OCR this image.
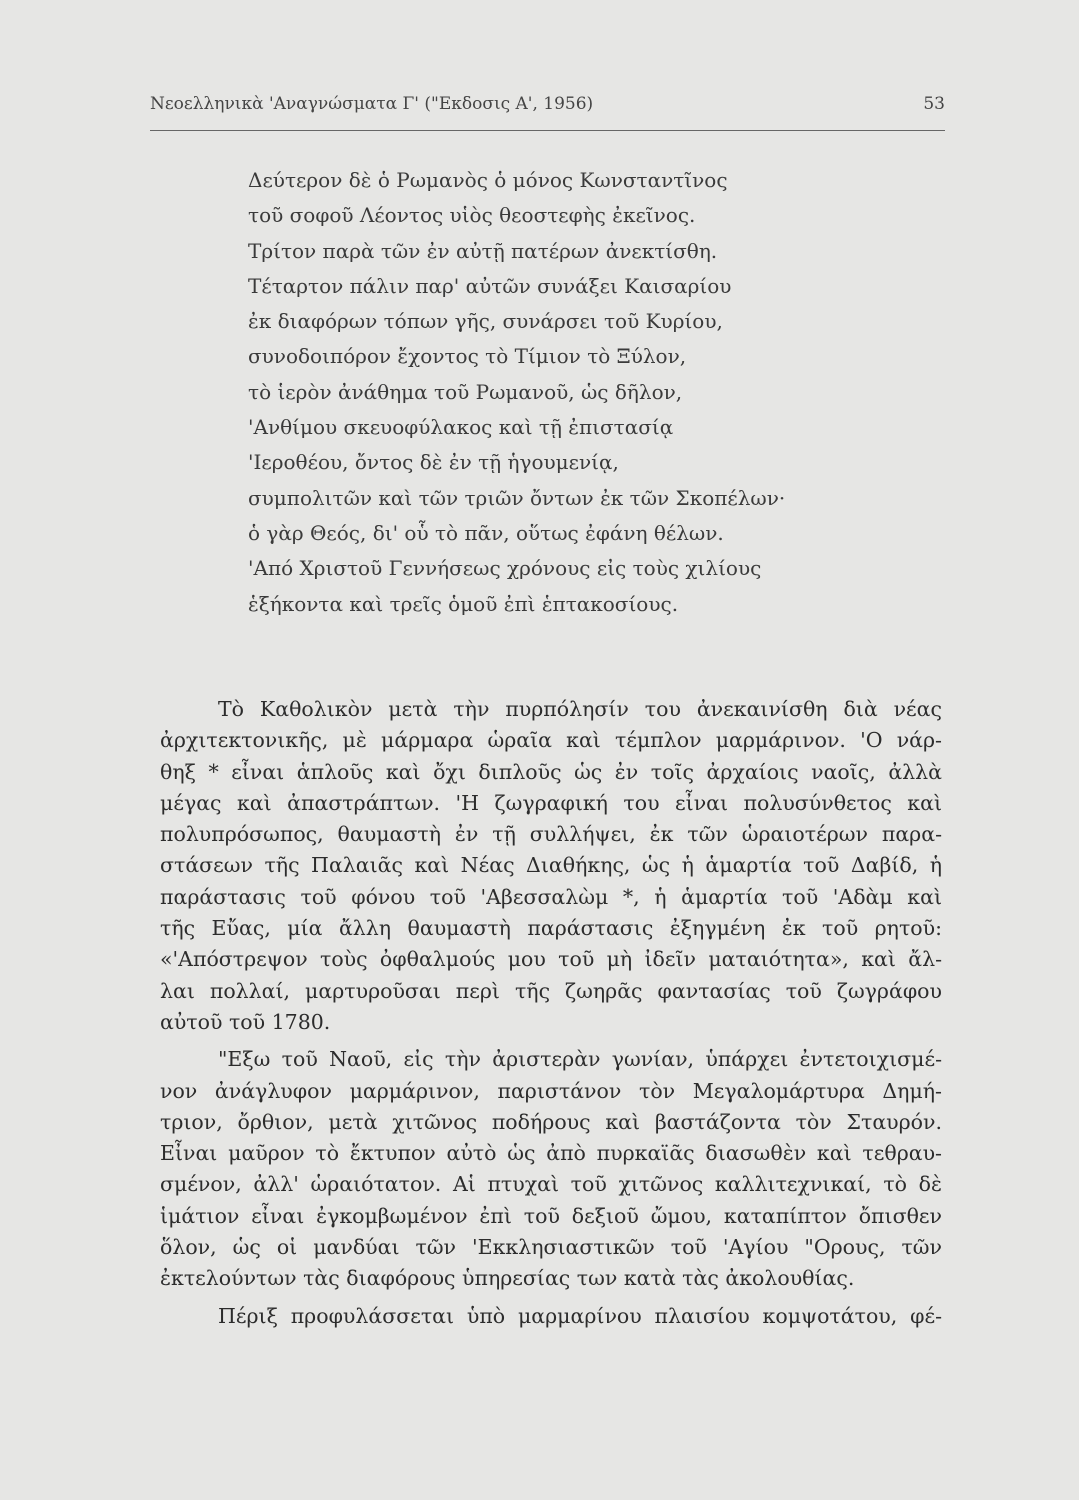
Νεοελληνικὰ 'Αναγνώσματα Γ' ("Εκδοσις Α', 1956)	53
Δεύτερον δὲ ὁ Ρωμανὸς ὁ μόνος Κωνσταντῖνος
τοῦ σοφοῦ Λέοντος υἱὸς θεοστεφὴς ἐκεῖνος.
Τρίτον παρὰ τῶν ἐν αὐτῇ πατέρων ἀνεκτίσθη.
Τέταρτον πάλιν παρ' αὐτῶν συνάξει Καισαρίου
ἐκ διαφόρων τόπων γῆς, συνάρσει τοῦ Κυρίου,
συνοδοιπόρον ἔχοντος τὸ Τίμιον τὸ Ξύλον,
τὸ ἱερὸν ἀνάθημα τοῦ Ρωμανοῦ, ὡς δῆλον,
'Ανθίμου σκευοφύλακος καὶ τῇ ἐπιστασίᾳ
'Ιεροθέου, ὄντος δὲ ἐν τῇ ἡγουμενίᾳ,
συμπολιτῶν καὶ τῶν τριῶν ὄντων ἐκ τῶν Σκοπέλων·
ὁ γὰρ Θεός, δι' οὗ τὸ πᾶν, οὕτως ἐφάνη θέλων.
'Από Χριστοῦ Γεννήσεως χρόνους εἰς τοὺς χιλίους
ἑξήκοντα καὶ τρεῖς ὁμοῦ ἐπὶ ἑπτακοσίους.
Τὸ Καθολικὸν μετὰ τὴν πυρπόλησίν του ἀνεκαινίσθη διὰ νέας
ἀρχιτεκτονικῆς, μὲ μάρμαρα ὡραῖα καὶ τέμπλον μαρμάρινον. 'Ο νάρ-
θηξ * εἶναι ἁπλοῦς καὶ ὄχι διπλοῦς ὡς ἐν τοῖς ἀρχαίοις ναοῖς, ἀλλὰ
μέγας καὶ ἀπαστράπτων. 'Η ζωγραφική του εἶναι πολυσύνθετος καὶ
πολυπρόσωπος, θαυμαστὴ ἐν τῇ συλλήψει, ἐκ τῶν ὡραιοτέρων παρα-
στάσεων τῆς Παλαιᾶς καὶ Νέας Διαθήκης, ὡς ἡ ἁμαρτία τοῦ Δαβίδ, ἡ
παράστασις τοῦ φόνου τοῦ 'Αβεσσαλὼμ *, ἡ ἁμαρτία τοῦ 'Αδὰμ καὶ
τῆς Εὔας, μία ἄλλη θαυμαστὴ παράστασις ἐξηγμένη ἐκ τοῦ ρητοῦ:
«'Απόστρεψον τοὺς ὀφθαλμούς μου τοῦ μὴ ἰδεῖν ματαιότητα», καὶ ἄλ-
λαι πολλαί, μαρτυροῦσαι περὶ τῆς ζωηρᾶς φαντασίας τοῦ ζωγράφου
αὐτοῦ τοῦ 1780.
"Εξω τοῦ Ναοῦ, εἰς τὴν ἀριστερὰν γωνίαν, ὑπάρχει ἐντετοιχισμέ-
νον ἀνάγλυφον μαρμάρινον, παριστάνον τὸν Μεγαλομάρτυρα Δημή-
τριον, ὄρθιον, μετὰ χιτῶνος ποδήρους καὶ βαστάζοντα τὸν Σταυρόν.
Εἶναι μαῦρον τὸ ἔκτυπον αὐτὸ ὡς ἀπὸ πυρκαϊᾶς διασωθὲν καὶ τεθραυ-
σμένον, ἀλλ' ὡραιότατον. Αἱ πτυχαὶ τοῦ χιτῶνος καλλιτεχνικαί, τὸ δὲ
ἱμάτιον εἶναι ἐγκομβωμένον ἐπὶ τοῦ δεξιοῦ ὤμου, καταπίπτον ὄπισθεν
ὅλον, ὡς οἱ μανδύαι τῶν 'Εκκλησιαστικῶν τοῦ 'Αγίου "Ορους, τῶν
ἐκτελούντων τὰς διαφόρους ὑπηρεσίας των κατὰ τὰς ἀκολουθίας.
Πέριξ προφυλάσσεται ὑπὸ μαρμαρίνου πλαισίου κομψοτάτου, φέ-
